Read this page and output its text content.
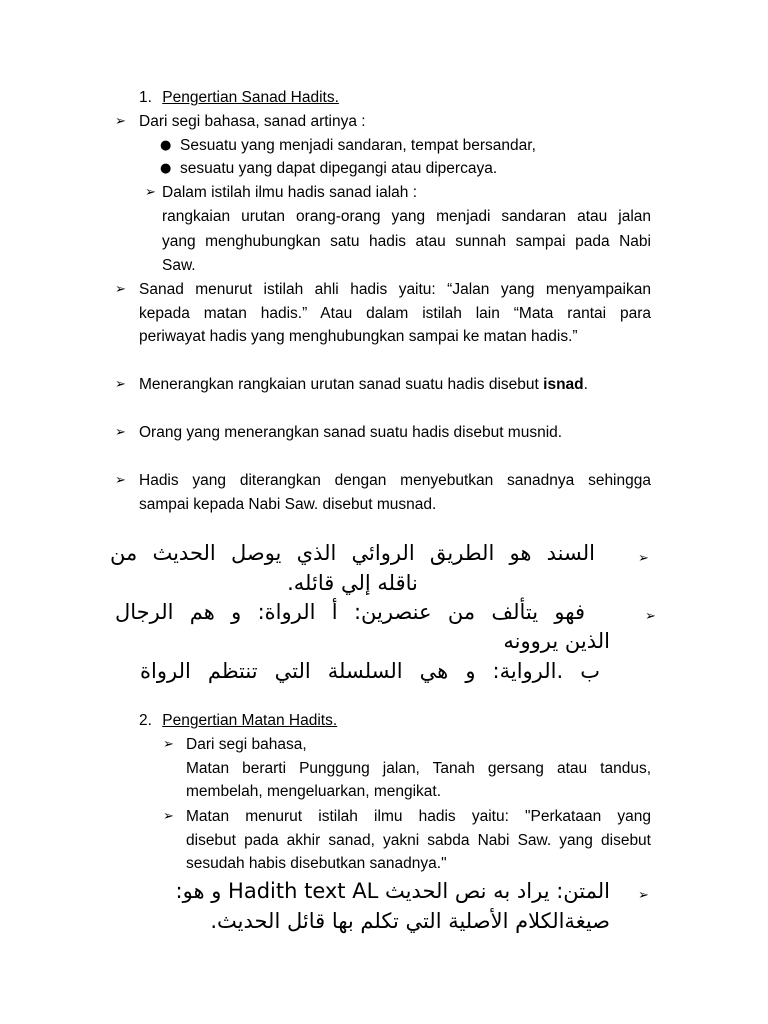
1. Pengertian Sanad Hadits.
➢ Dari segi bahasa, sanad artinya :
● Sesuatu yang menjadi sandaran, tempat bersandar,
● sesuatu yang dapat dipegangi atau dipercaya.
➢ Dalam istilah ilmu hadis sanad ialah :
rangkaian urutan orang-orang yang menjadi sandaran atau jalan
yang menghubungkan satu hadis atau sunnah sampai pada Nabi
Saw.
➢ Sanad menurut istilah ahli hadis yaitu: “Jalan yang menyampaikan
kepada matan hadis.” Atau dalam istilah lain “Mata rantai para
periwayat hadis yang menghubungkan sampai ke matan hadis.”
➢ Menerangkan rangkaian urutan sanad suatu hadis disebut isnad.
➢ Orang yang menerangkan sanad suatu hadis disebut musnid.
➢ Hadis yang diterangkan dengan menyebutkan sanadnya sehingga
sampai kepada Nabi Saw. disebut musnad.
➢
السند هو الطريق الروائي الذي يوصل الحديث من
ناقله إلي قائله.
➢
فهو يتألف من عنصرين: أ الرواة: و هم الرجال
الذين يروونه
ب .الرواية: و هي السلسلة التي تنتظم الرواة
2. Pengertian Matan Hadits.
➢ Dari segi bahasa,
Matan berarti Punggung jalan, Tanah gersang atau tandus,
membelah, mengeluarkan, mengikat.
➢ Matan menurut istilah ilmu hadis yaitu: "Perkataan yang
disebut pada akhir sanad, yakni sabda Nabi Saw. yang disebut
sesudah habis disebutkan sanadnya."
➢
المتن: يراد به نص الحديث Hadith text AL و هو:
صيغةالكلام الأصلية التي تكلم بها قائل الحديث.
